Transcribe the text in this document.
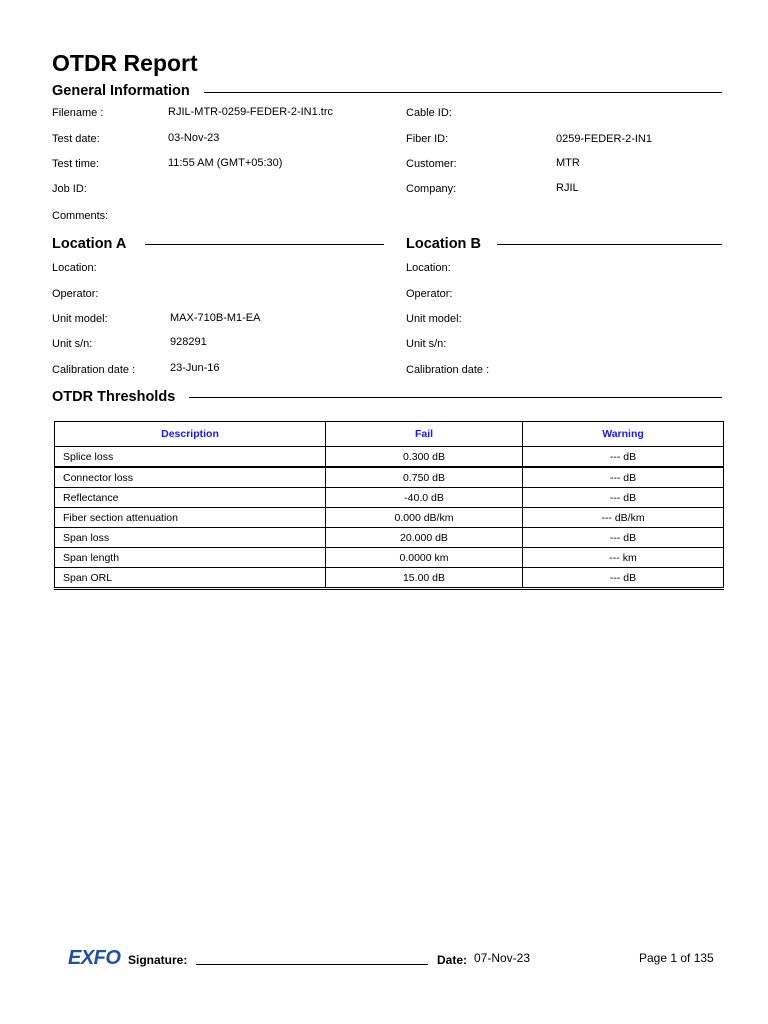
OTDR Report
General Information
Filename :	RJIL-MTR-0259-FEDER-2-IN1.trc
Test date:	03-Nov-23
Test time:	11:55 AM (GMT+05:30)
Job ID:
Comments:
Cable ID:
Fiber ID:	0259-FEDER-2-IN1
Customer:	MTR
Company:	RJIL
Location A
Location:
Operator:
Unit model:	MAX-710B-M1-EA
Unit s/n:	928291
Calibration date :	23-Jun-16
Location B
Location:
Operator:
Unit model:
Unit s/n:
Calibration date :
OTDR Thresholds
Description	Fail	Warning
Splice loss	0.300 dB	--- dB
Connector loss	0.750 dB	--- dB
Reflectance	-40.0 dB	--- dB
Fiber section attenuation	0.000 dB/km	--- dB/km
Span loss	20.000 dB	--- dB
Span length	0.0000 km	--- km
Span ORL	15.00 dB	--- dB
EXFO Signature:	Date: 07-Nov-23	Page 1 of 135
